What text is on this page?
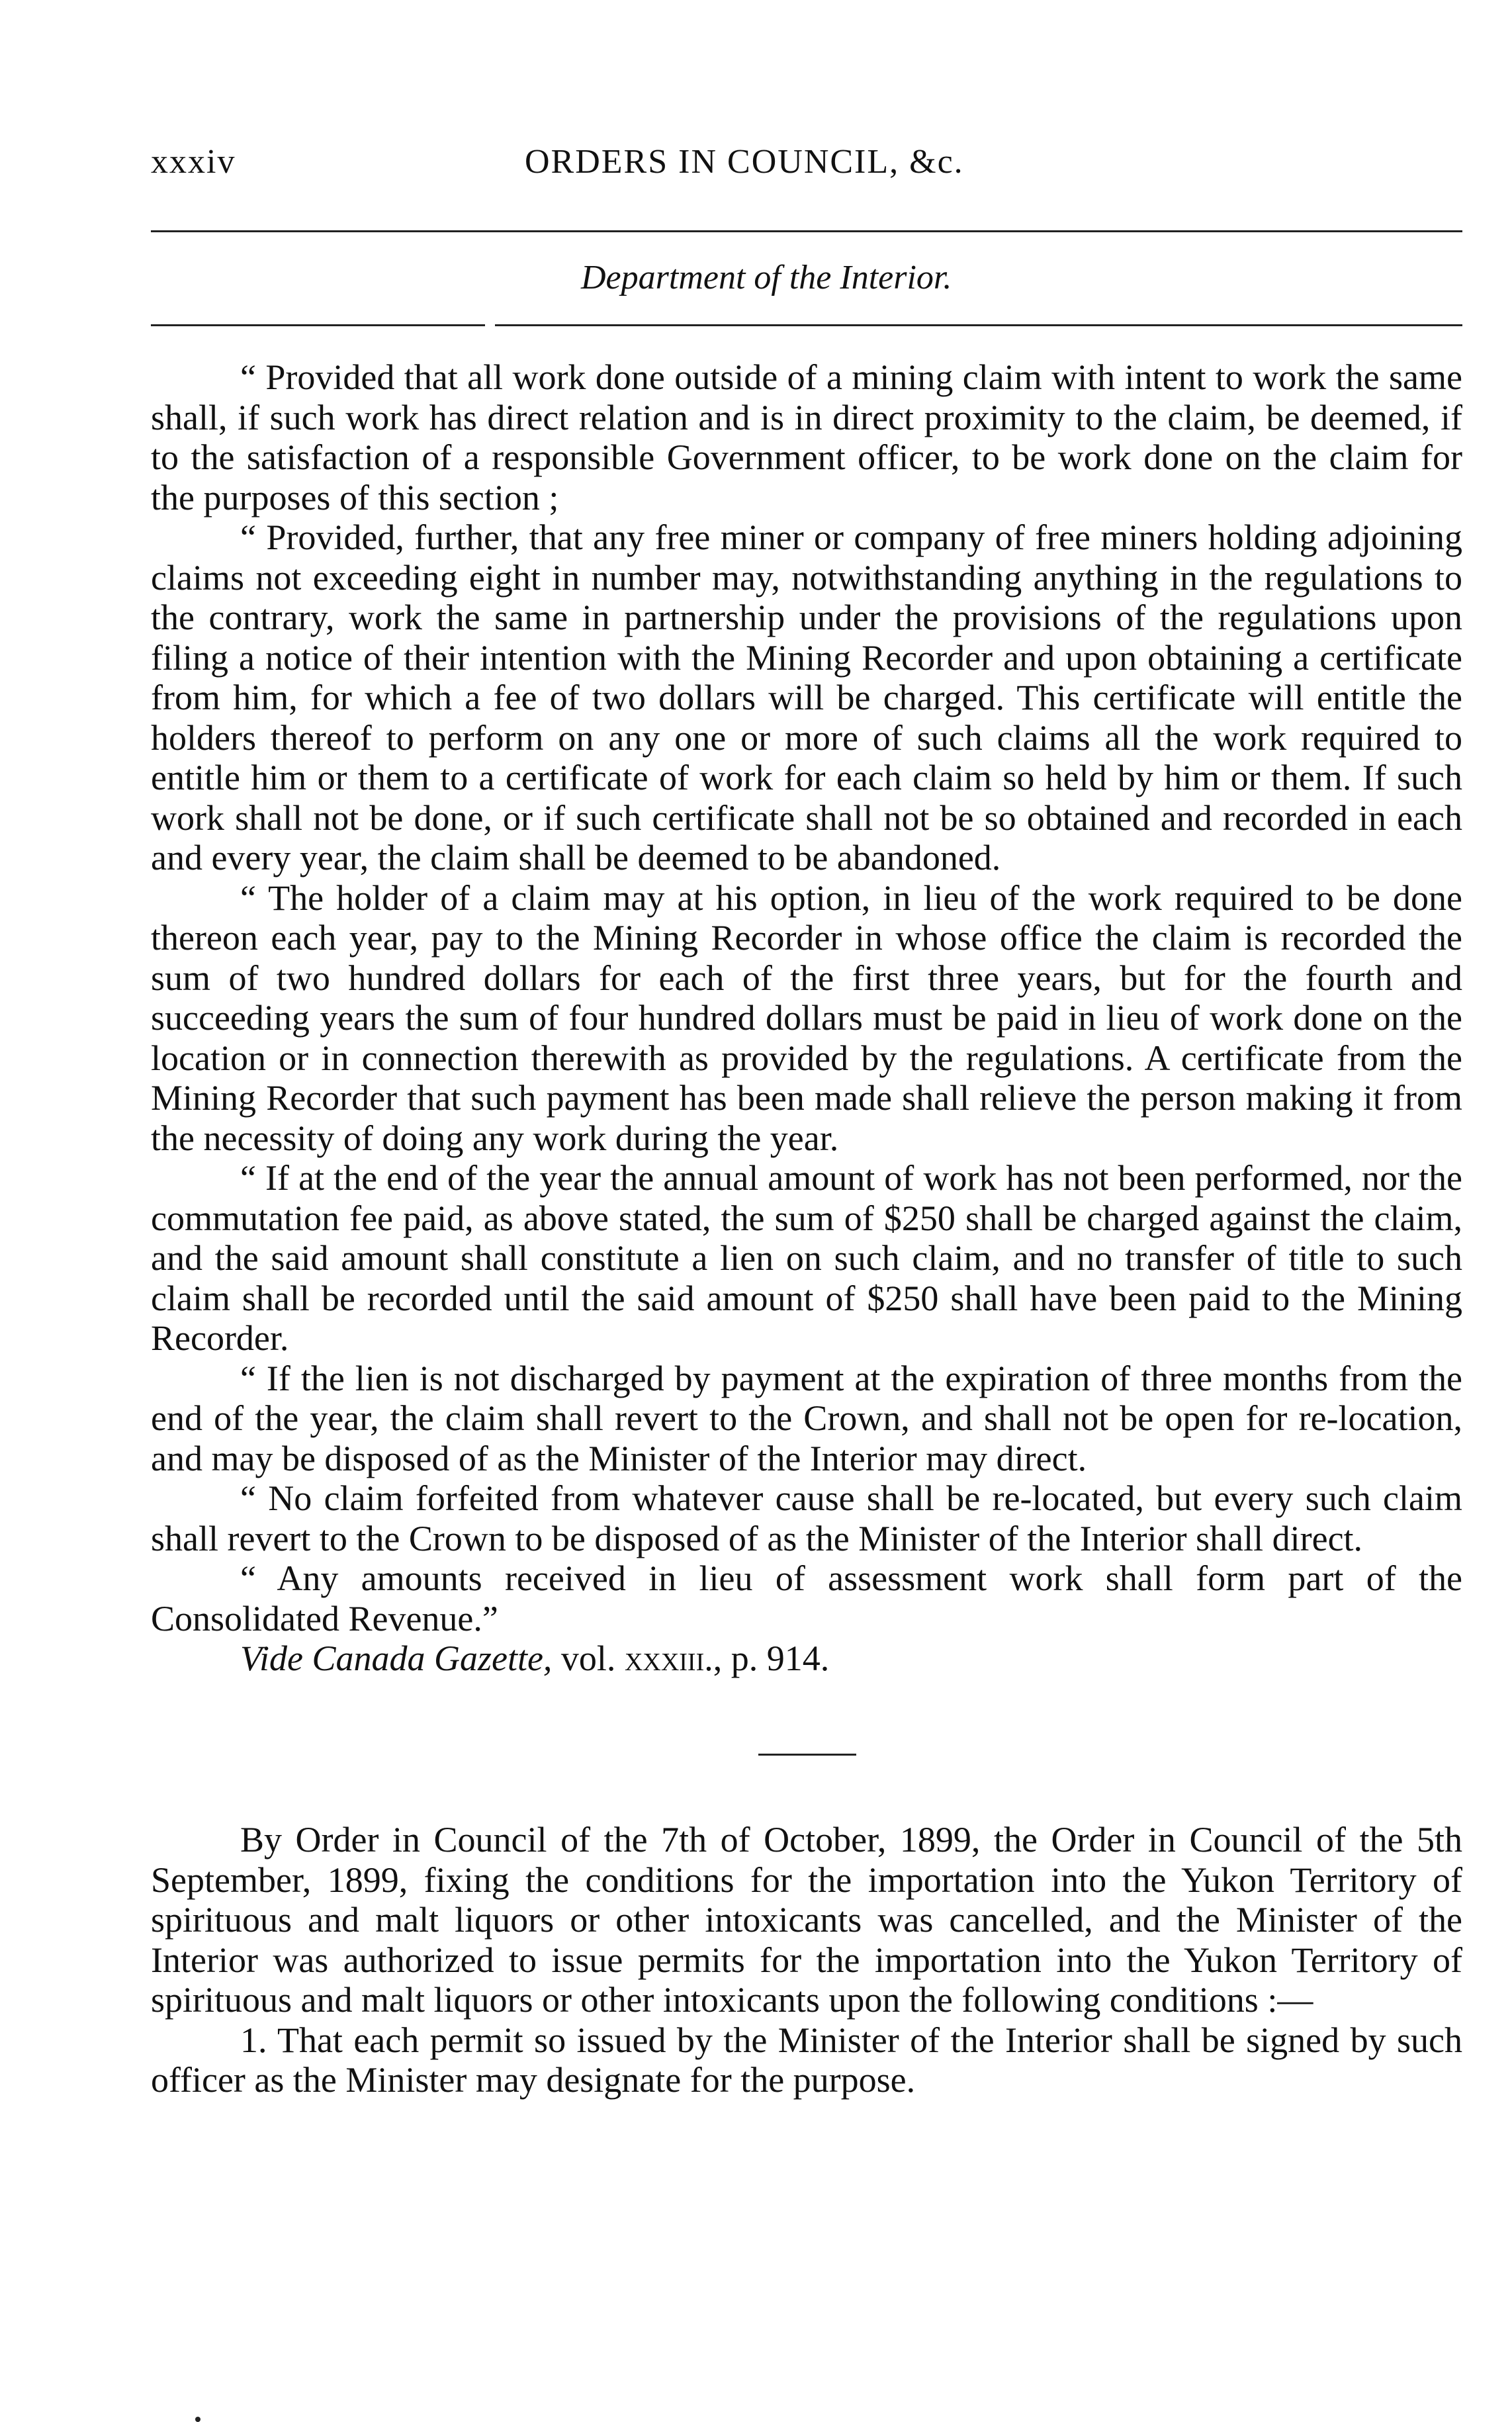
xxxiv	ORDERS IN COUNCIL, &c.
Department of the Interior.

“ Provided that all work done outside of a mining claim with intent to work the same shall, if such work has direct relation and is in direct proximity to the claim, be deemed, if to the satisfaction of a responsible Government officer, to be work done on the claim for the purposes of this section ;

“ Provided, further, that any free miner or company of free miners holding adjoining claims not exceeding eight in number may, notwithstanding anything in the regulations to the contrary, work the same in partnership under the provisions of the regulations upon filing a notice of their intention with the Mining Recorder and upon obtaining a certificate from him, for which a fee of two dollars will be charged. This certificate will entitle the holders thereof to perform on any one or more of such claims all the work required to entitle him or them to a certificate of work for each claim so held by him or them. If such work shall not be done, or if such certificate shall not be so obtained and recorded in each and every year, the claim shall be deemed to be abandoned.

“ The holder of a claim may at his option, in lieu of the work required to be done thereon each year, pay to the Mining Recorder in whose office the claim is recorded the sum of two hundred dollars for each of the first three years, but for the fourth and succeeding years the sum of four hundred dollars must be paid in lieu of work done on the location or in connection therewith as provided by the regulations. A certificate from the Mining Recorder that such payment has been made shall relieve the person making it from the necessity of doing any work during the year.

“ If at the end of the year the annual amount of work has not been performed, nor the commutation fee paid, as above stated, the sum of $250 shall be charged against the claim, and the said amount shall constitute a lien on such claim, and no transfer of title to such claim shall be recorded until the said amount of $250 shall have been paid to the Mining Recorder.

“ If the lien is not discharged by payment at the expiration of three months from the end of the year, the claim shall revert to the Crown, and shall not be open for re-location, and may be disposed of as the Minister of the Interior may direct.

“ No claim forfeited from whatever cause shall be re-located, but every such claim shall revert to the Crown to be disposed of as the Minister of the Interior shall direct.

“ Any amounts received in lieu of assessment work shall form part of the Consolidated Revenue.”

Vide Canada Gazette, vol. xxxiii., p. 914.

By Order in Council of the 7th of October, 1899, the Order in Council of the 5th September, 1899, fixing the conditions for the importation into the Yukon Territory of spirituous and malt liquors or other intoxicants was cancelled, and the Minister of the Interior was authorized to issue permits for the importation into the Yukon Territory of spirituous and malt liquors or other intoxicants upon the following conditions :—

1. That each permit so issued by the Minister of the Interior shall be signed by such officer as the Minister may designate for the purpose.
